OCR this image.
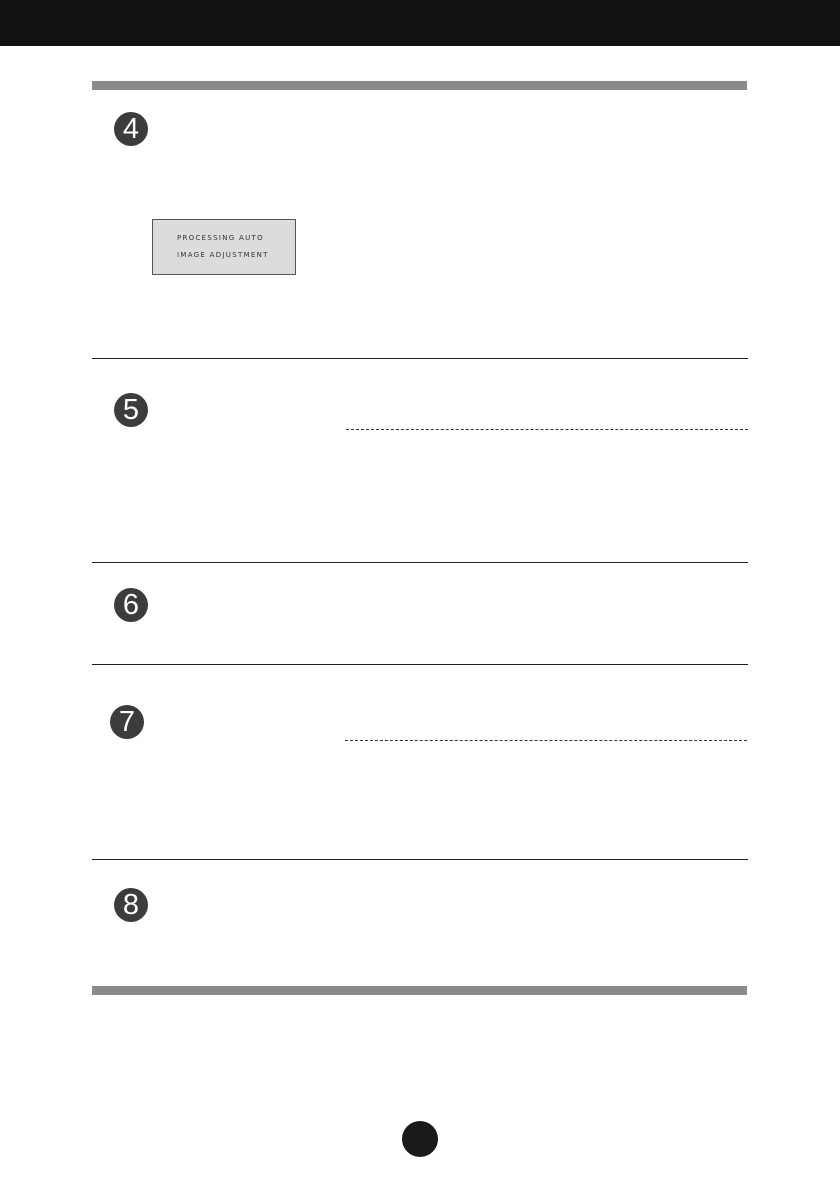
4
PROCESSING AUTO
IMAGE ADJUSTMENT
5
6
7
8
